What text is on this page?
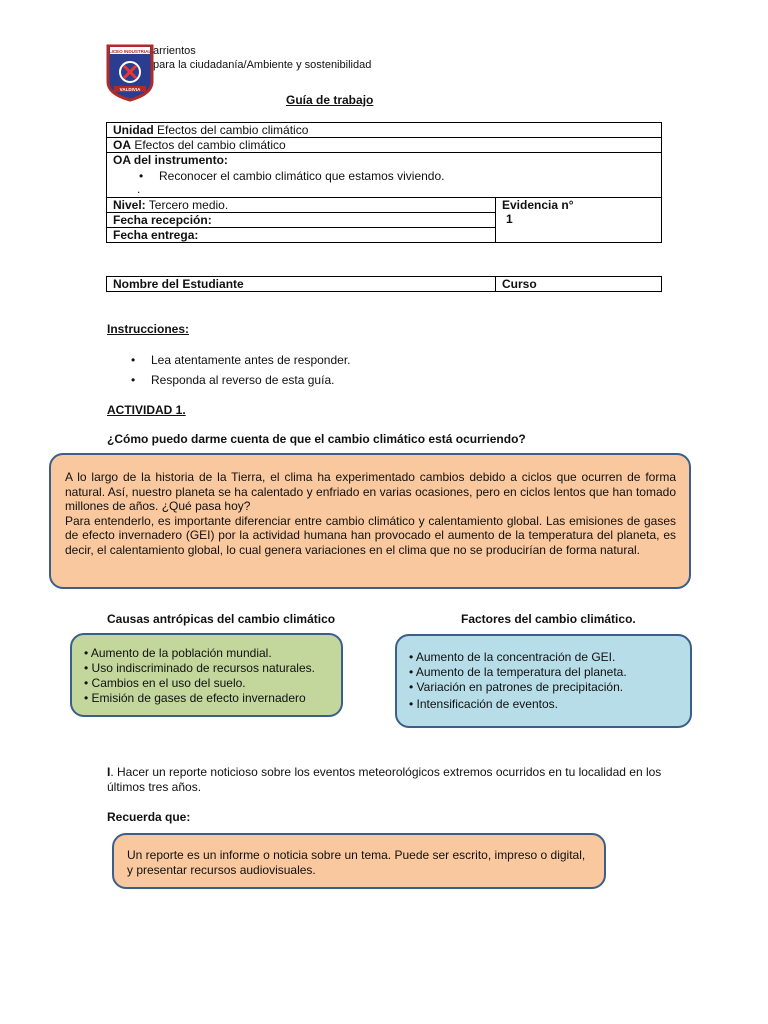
LICEO INDUSTRIAL
VALDIVIA
arrientos
para la ciudadanía/Ambiente y sostenibilidad
Guía de trabajo
Unidad Efectos del cambio climático
OA Efectos del cambio climático

OA del instrumento:
• Reconocer el cambio climático que estamos viviendo.
.

Nivel: Tercero medio.	Evidencia n°
1

Fecha recepción:
Fecha entrega:
Nombre del Estudiante	Curso
Instrucciones:
• Lea atentamente antes de responder.
• Responda al reverso de esta guía.
ACTIVIDAD 1.
¿Cómo puedo darme cuenta de que el cambio climático está ocurriendo?
A lo largo de la historia de la Tierra, el clima ha experimentado cambios debido a ciclos que ocurren de forma natural. Así, nuestro planeta se ha calentado y enfriado en varias ocasiones, pero en ciclos lentos que han tomado millones de años. ¿Qué pasa hoy?
Para entenderlo, es importante diferenciar entre cambio climático y calentamiento global. Las emisiones de gases de efecto invernadero (GEI) por la actividad humana han provocado el aumento de la temperatura del planeta, es decir, el calentamiento global, lo cual genera variaciones en el clima que no se producirían de forma natural.
Causas antrópicas del cambio climático	Factores del cambio climático.
• Aumento de la población mundial.
• Uso indiscriminado de recursos naturales.
• Cambios en el uso del suelo.
• Emisión de gases de efecto invernadero
• Aumento de la concentración de GEI.
• Aumento de la temperatura del planeta.
• Variación en patrones de precipitación.
• Intensificación de eventos.
I. Hacer un reporte noticioso sobre los eventos meteorológicos extremos ocurridos en tu localidad en los últimos tres años.
Recuerda que:
Un reporte es un informe o noticia sobre un tema. Puede ser escrito, impreso o digital, y presentar recursos audiovisuales.
